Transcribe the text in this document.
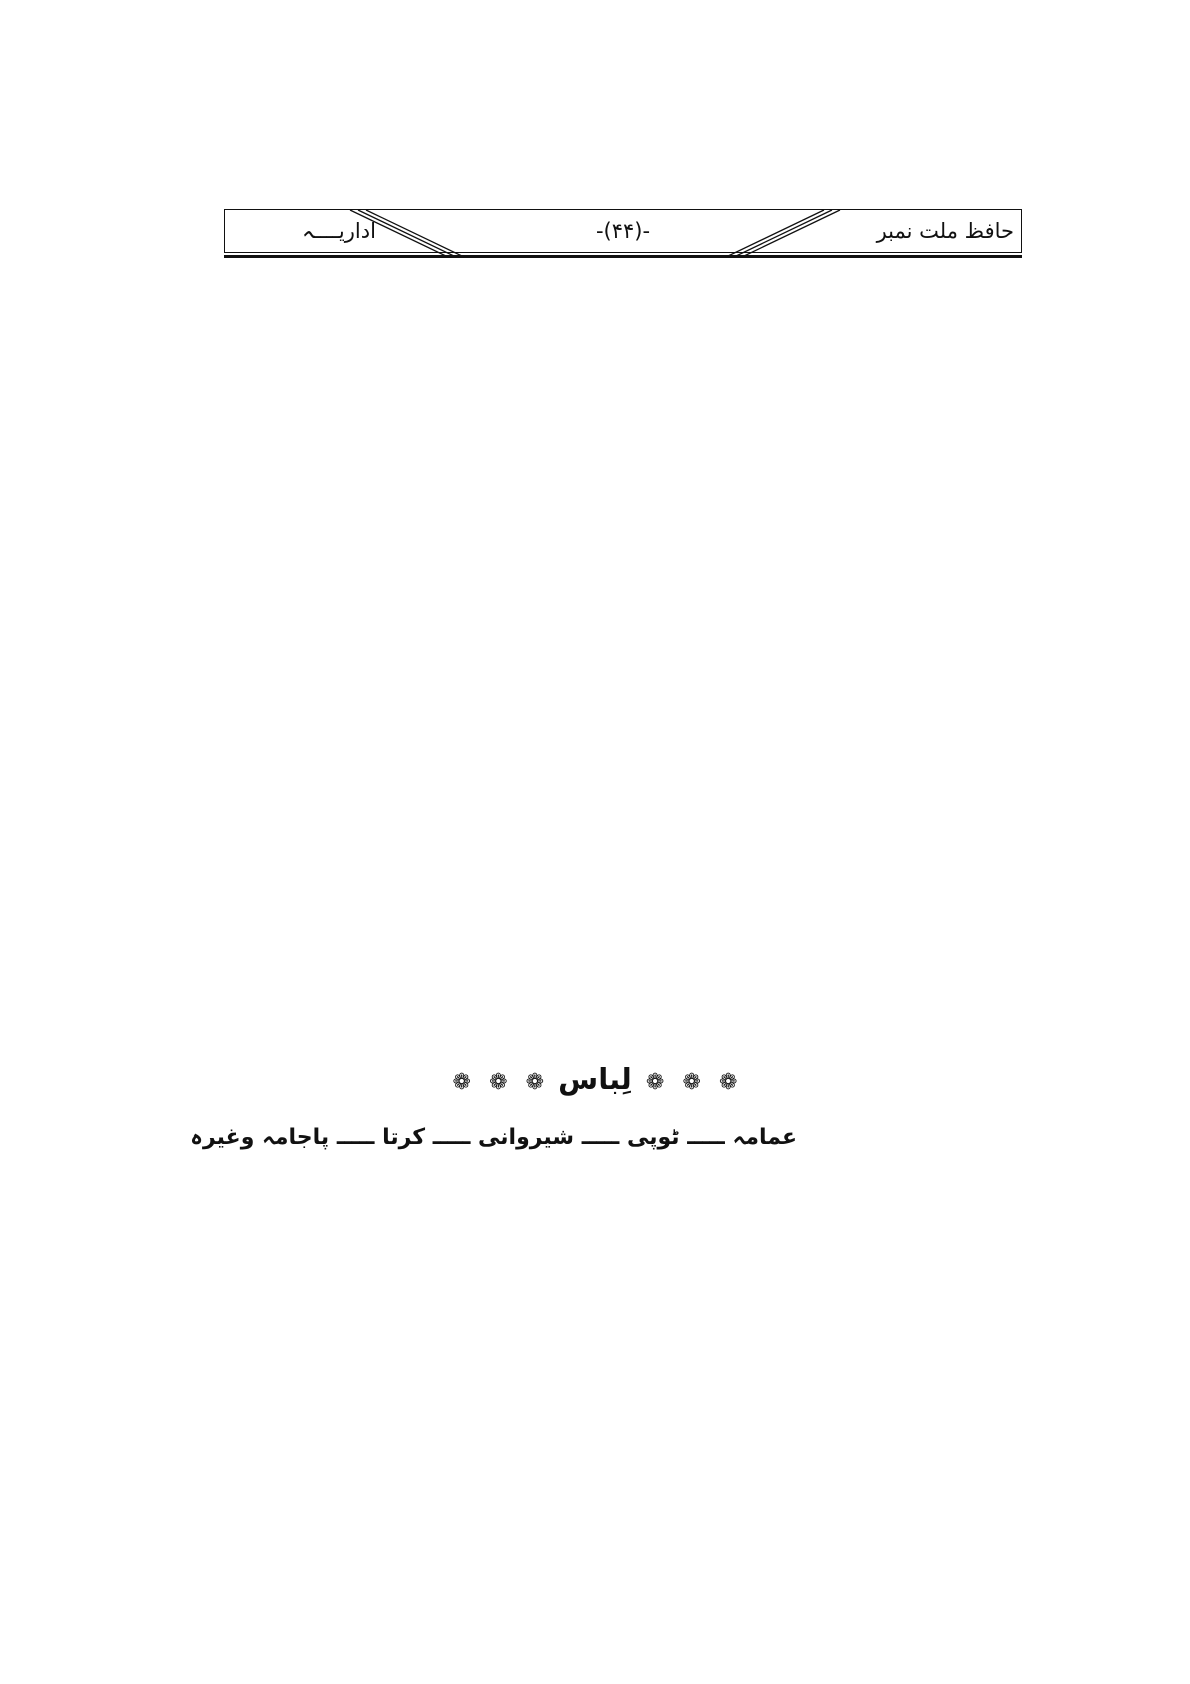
حافظ ملت نمبر
-(۴۴)-
اداریــــہ
❁ ❁ ❁ لِباس ❁ ❁ ❁
عمامہ ـــــ ٹوپی ـــــ شیروانی ـــــ کرتا ـــــ پاجامہ وغیرہ
